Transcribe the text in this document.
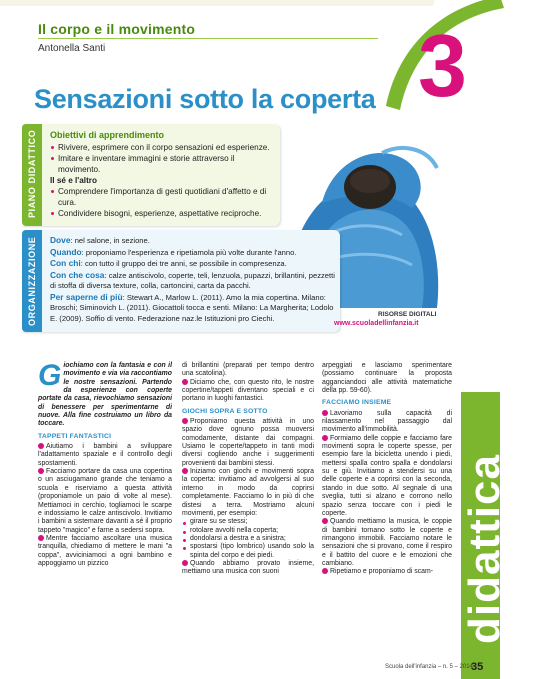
Il corpo e il movimento
Antonella Santi	anni 3
Sensazioni sotto la coperta
Obiettivi di apprendimento
Rivivere, esprimere con il corpo sensazioni ed esperienze.
Imitare e inventare immagini e storie attraverso il movimento.
Il sé e l'altro
Comprendere l'importanza di gesti quotidiani d'affetto e di cura.
Condividere bisogni, esperienze, aspettative reciproche.
PIANO DIDATTICO
Dove: nel salone, in sezione.
Quando: proponiamo l'esperienza e ripetiamola più volte durante l'anno.
Con chi: con tutto il gruppo dei tre anni, se possibile in compresenza.
Con che cosa: calze antiscivolo, coperte, teli, lenzuola, pupazzi, brillantini, pezzetti di stoffa di diversa texture, colla, cartoncini, carta da pacchi.
Per saperne di più: Stewart A., Marlow L. (2011). Amo la mia copertina. Milano: Broschi; Siminovich L. (2011). Giocattoli tocca e senti. Milano: La Margherita; Lodolo E. (2009). Soffio di vento. Federazione naz.le Istituzioni pro Ciechi.
ORGANIZZAZIONE	RISORSE DIGITALI
www.scuoladellinfanzia.it
Giochiamo con la fantasia e con il movimento e via via raccontiamo le nostre sensazioni. Partendo da esperienze con coperte portate da casa, rievochiamo sensazioni di benessere per sperimentarne di nuove. Alla fine costruiamo un libro da toccare.
TAPPETI FANTASTICI
Aiutiamo i bambini a sviluppare l'adattamento spaziale e il controllo degli spostamenti.
Facciamo portare da casa una copertina o un asciugamano grande che teniamo a scuola e riserviamo a questa attività (proponiamole un paio di volte al mese). Mettiamoci in cerchio, togliamoci le scarpe e indossiamo le calze antiscivolo. Invitiamo i bambini a sistemare davanti a sé il proprio tappeto "magico" e farne a sedersi sopra.
Mentre facciamo ascoltare una musica tranquilla, chiediamo di mettere le mani "a coppa", avviciniamoci a ogni bambino e appoggiamo un pizzico
di brillantini (preparati per tempo dentro una scatolina).
Diciamo che, con questo rito, le nostre copertine/tappeti diventano speciali e ci portano in luoghi fantastici.
GIOCHI SOPRA E SOTTO
Proponiamo questa attività in uno spazio dove ognuno possa muoversi comodamente, distante dai compagni. Usiamo le coperte/tappeto in tanti modi diversi cogliendo anche i suggerimenti provenienti dai bambini stessi.
Iniziamo con giochi e movimenti sopra la coperta: invitiamo ad avvolgersi al suo interno in modo da coprirsi completamente. Facciamo lo in più di che distesi a terra. Mostriamo alcuni movimenti, per esempio:
girare su se stessi;
rotolare avvolti nella coperta;
dondolarsi a destra e a sinistra;
spostarsi (tipo lombrico) usando solo la spinta del corpo e dei piedi.
Quando abbiamo provato insieme, mettiamo una musica con suoni
arpeggiati e lasciamo sperimentare (possiamo continuare la proposta agganciandoci alle attività matematiche della pp. 59-60).
FACCIAMO INSIEME
Lavoriamo sulla capacità di rilassamento nel passaggio dal movimento all'immobilità.
Formiamo delle coppie e facciamo fare movimenti sopra le coperte spesse, per esempio fare la bicicletta unendo i piedi, mettersi spalla contro spalla e dondolarsi su e giù. Invitiamo a stendersi su una delle coperte e a coprirsi con la seconda, stando in due sotto. Al segnale di una sveglia, tutti si alzano e corrono nello spazio senza toccare con i piedi le coperte.
Quando mettiamo la musica, le coppie di bambini tornano sotto le coperte e rimangono immobili. Facciamo notare le sensazioni che si provano, come il respiro e il battito del cuore e le emozioni che cambiano.
Ripetiamo e proponiamo di scam- didattica
Scuola dell'infanzia – n. 5 – 2014
35
